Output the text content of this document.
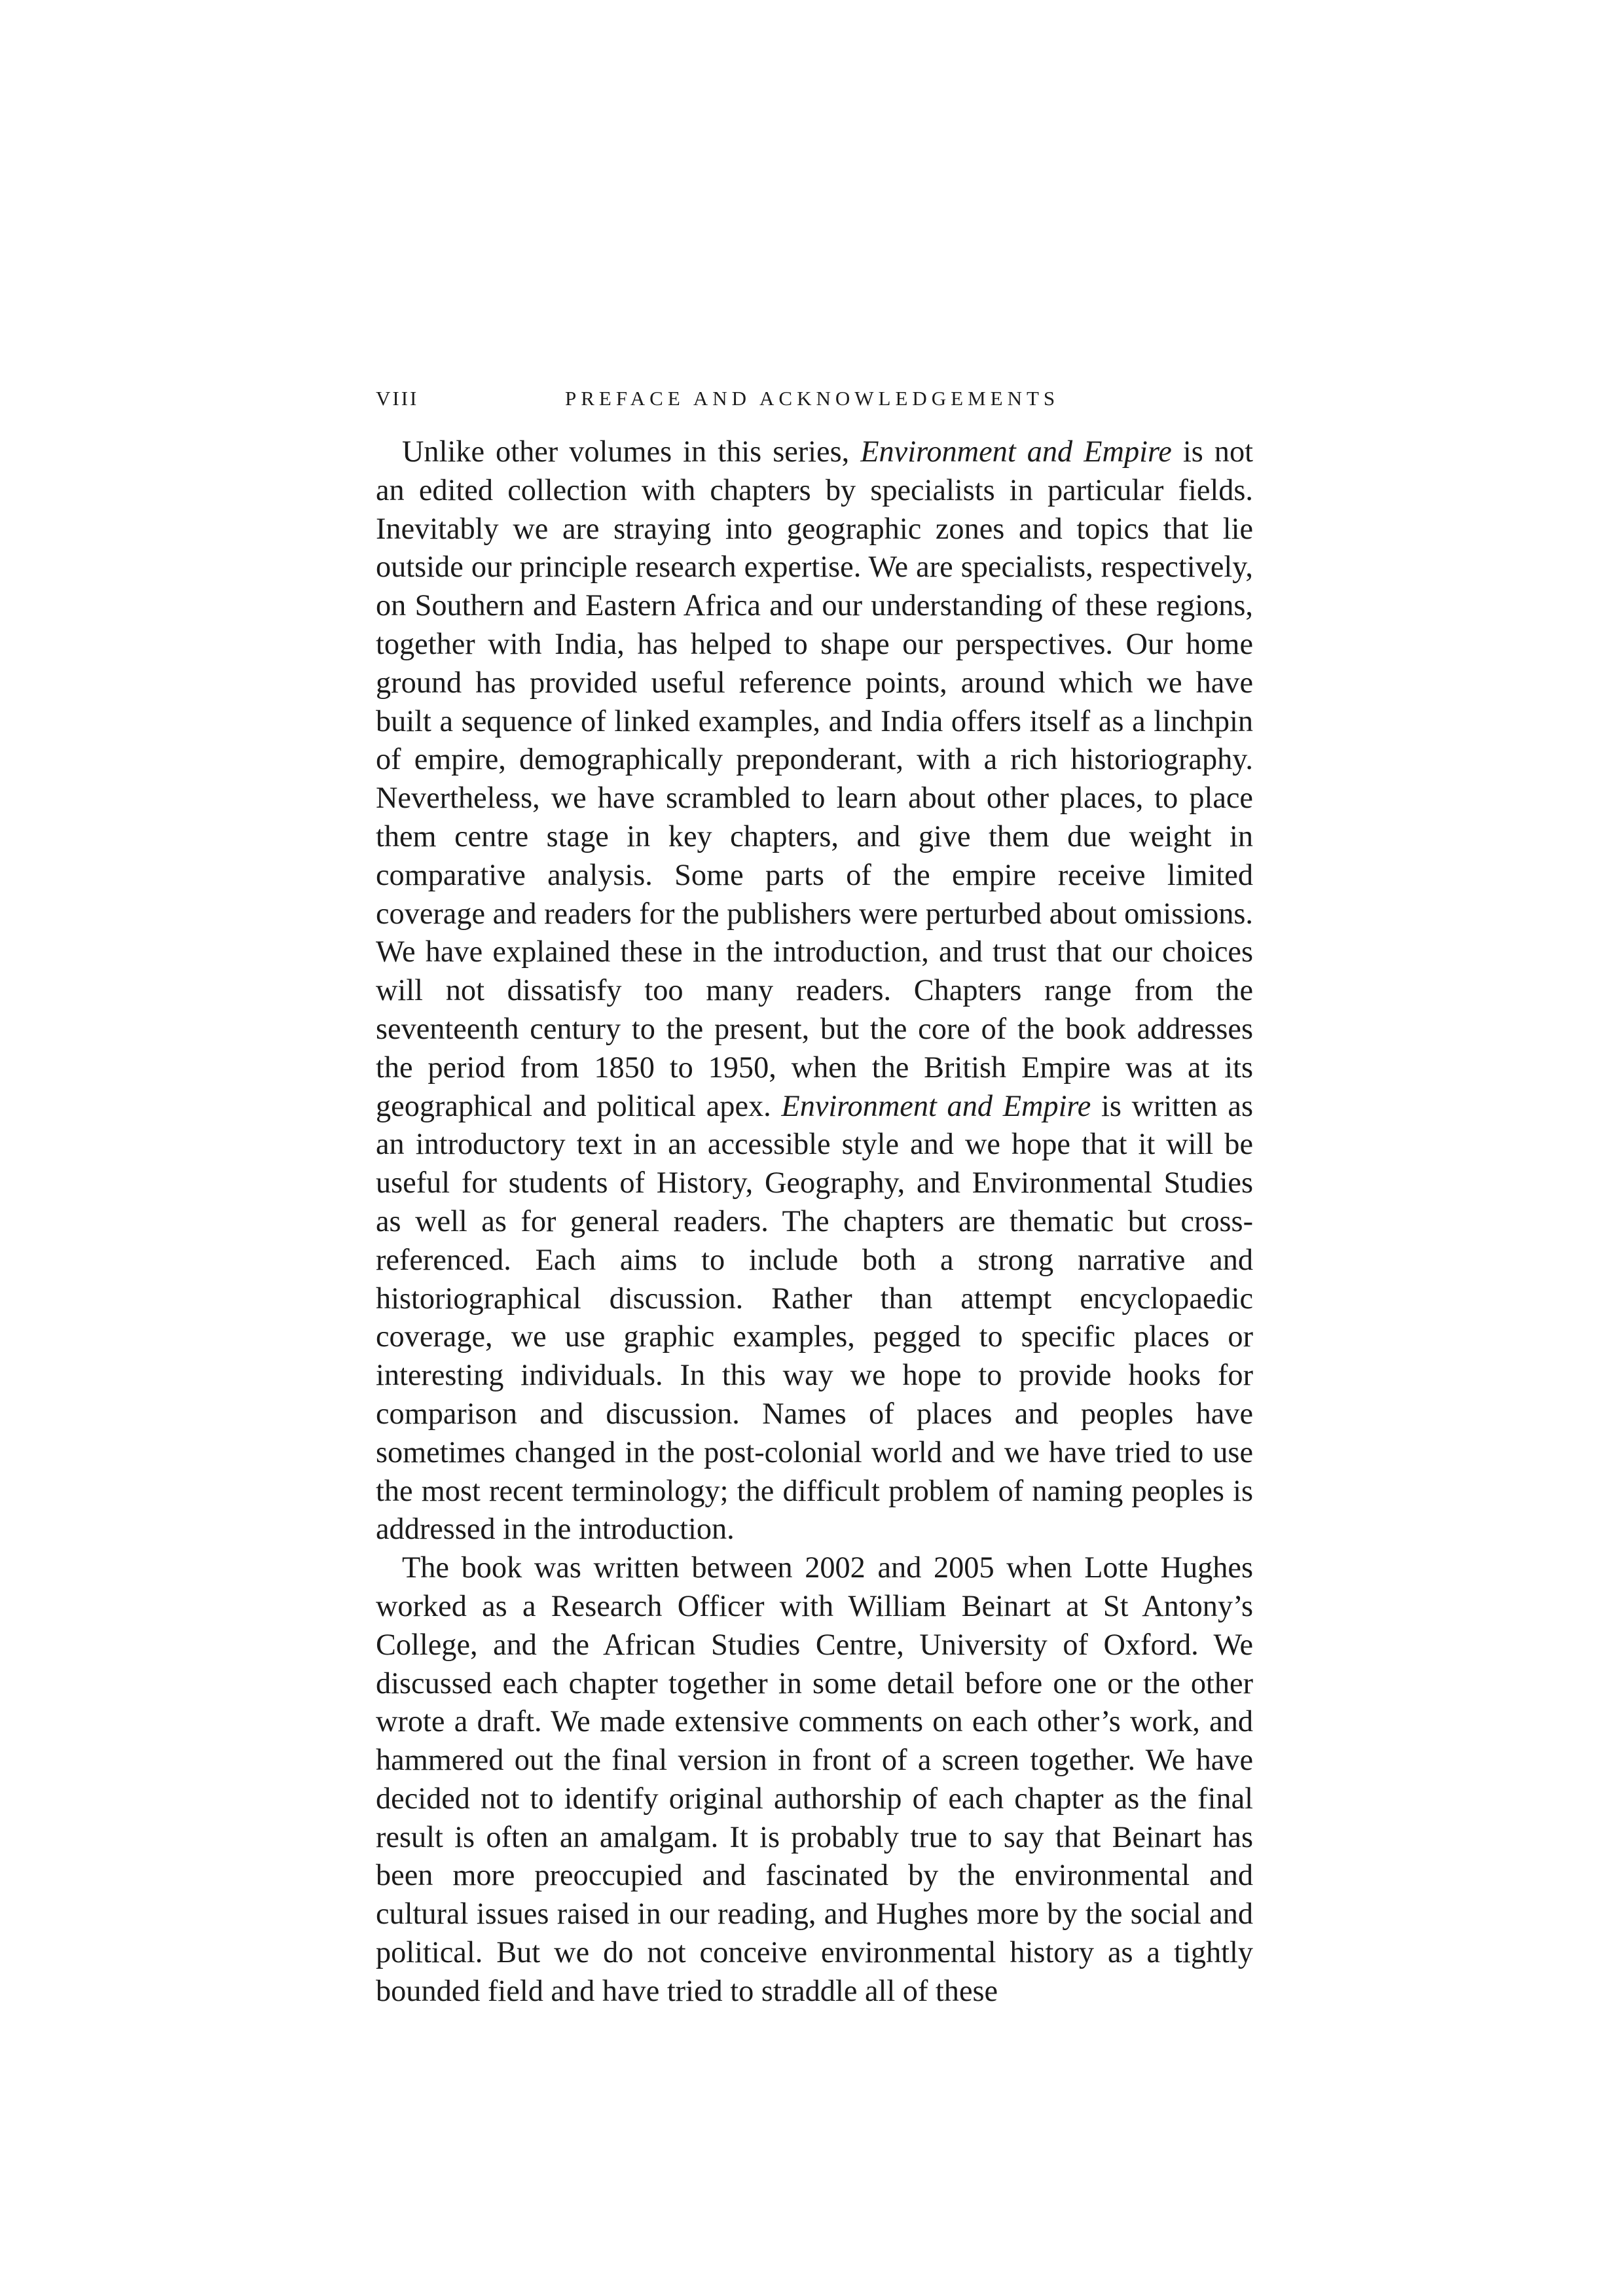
VIII	PREFACE AND ACKNOWLEDGEMENTS

Unlike other volumes in this series, Environment and Empire is not an edited collection with chapters by specialists in particular fields. Inevitably we are straying into geographic zones and topics that lie outside our principle research expertise. We are specialists, respectively, on Southern and Eastern Africa and our understanding of these regions, together with India, has helped to shape our perspectives. Our home ground has provided useful reference points, around which we have built a sequence of linked examples, and India offers itself as a linchpin of empire, demographically preponderant, with a rich historiography. Nevertheless, we have scrambled to learn about other places, to place them centre stage in key chapters, and give them due weight in comparative analysis. Some parts of the empire receive limited coverage and readers for the publishers were perturbed about omissions. We have explained these in the introduction, and trust that our choices will not dissatisfy too many readers. Chapters range from the seventeenth century to the present, but the core of the book addresses the period from 1850 to 1950, when the British Empire was at its geographical and political apex. Environment and Empire is written as an introductory text in an accessible style and we hope that it will be useful for students of History, Geography, and Environmental Studies as well as for general readers. The chapters are thematic but cross-referenced. Each aims to include both a strong narrative and historiographical discussion. Rather than attempt encyclopaedic coverage, we use graphic examples, pegged to specific places or interesting individuals. In this way we hope to provide hooks for comparison and discussion. Names of places and peoples have sometimes changed in the post-colonial world and we have tried to use the most recent terminology; the difficult problem of naming peoples is addressed in the introduction.

The book was written between 2002 and 2005 when Lotte Hughes worked as a Research Officer with William Beinart at St Antony’s College, and the African Studies Centre, University of Oxford. We discussed each chapter together in some detail before one or the other wrote a draft. We made extensive comments on each other’s work, and hammered out the final version in front of a screen together. We have decided not to identify original authorship of each chapter as the final result is often an amalgam. It is probably true to say that Beinart has been more preoccupied and fascinated by the environmental and cultural issues raised in our reading, and Hughes more by the social and political. But we do not conceive environmental history as a tightly bounded field and have tried to straddle all of these
